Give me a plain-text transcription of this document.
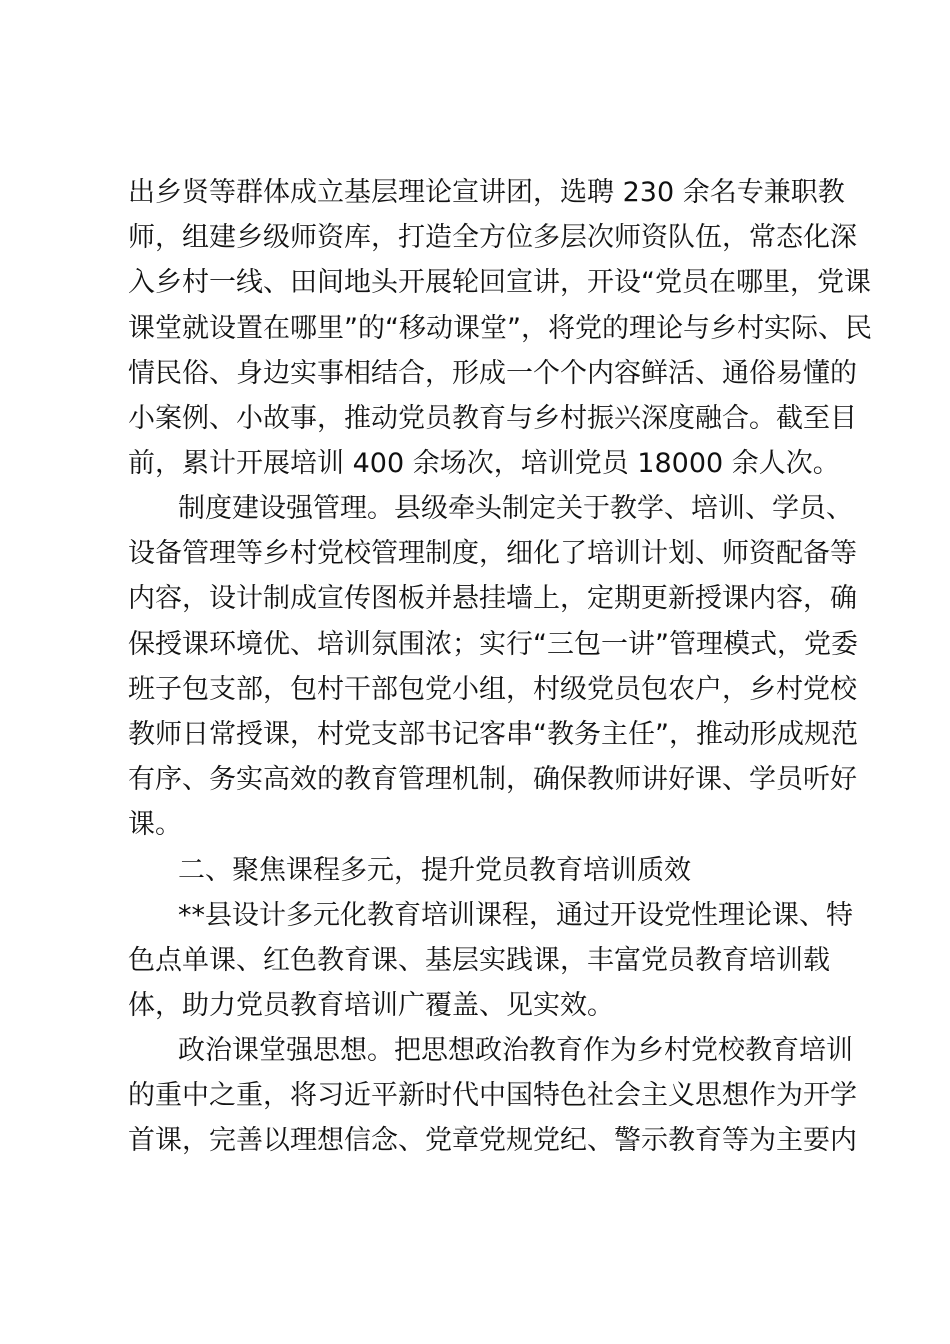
出乡贤等群体成立基层理论宣讲团，选聘 230 余名专兼职教
师，组建乡级师资库，打造全方位多层次师资队伍，常态化深
入乡村一线、田间地头开展轮回宣讲，开设“党员在哪里，党课
课堂就设置在哪里”的“移动课堂”，将党的理论与乡村实际、民
情民俗、身边实事相结合，形成一个个内容鲜活、通俗易懂的
小案例、小故事，推动党员教育与乡村振兴深度融合。截至目
前，累计开展培训 400 余场次，培训党员 18000 余人次。
制度建设强管理。县级牵头制定关于教学、培训、学员、
设备管理等乡村党校管理制度，细化了培训计划、师资配备等
内容，设计制成宣传图板并悬挂墙上，定期更新授课内容，确
保授课环境优、培训氛围浓；实行“三包一讲”管理模式，党委
班子包支部，包村干部包党小组，村级党员包农户，乡村党校
教师日常授课，村党支部书记客串“教务主任”，推动形成规范
有序、务实高效的教育管理机制，确保教师讲好课、学员听好
课。
二、聚焦课程多元，提升党员教育培训质效
**县设计多元化教育培训课程，通过开设党性理论课、特
色点单课、红色教育课、基层实践课，丰富党员教育培训载
体，助力党员教育培训广覆盖、见实效。
政治课堂强思想。把思想政治教育作为乡村党校教育培训
的重中之重，将习近平新时代中国特色社会主义思想作为开学
首课，完善以理想信念、党章党规党纪、警示教育等为主要内
